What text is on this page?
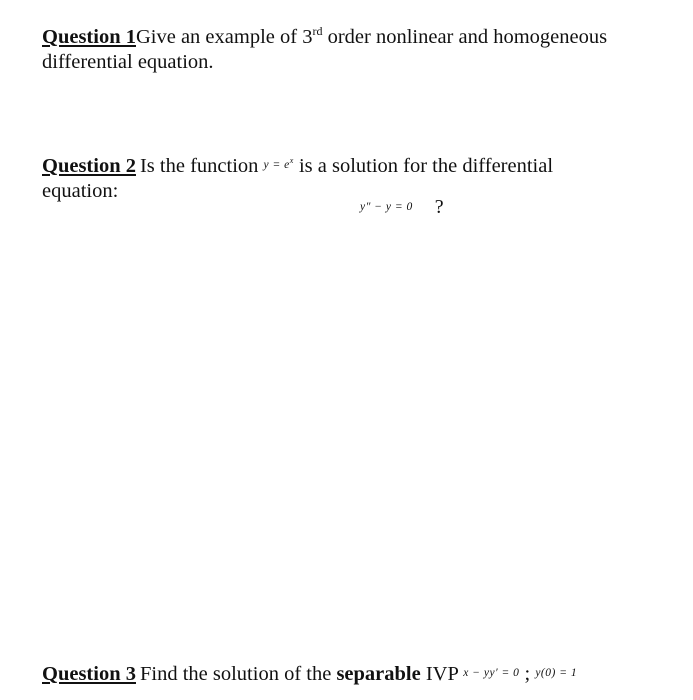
Question 1Give an example of 3rd order nonlinear and homogeneous
differential equation.
Question 2 Is the function $y = e^x$ is a solution for the differential
equation:
y″ − y = 0 ?
Question 3 Find the solution of the separable IVP x − yy′ = 0 ; y(0) = 1
